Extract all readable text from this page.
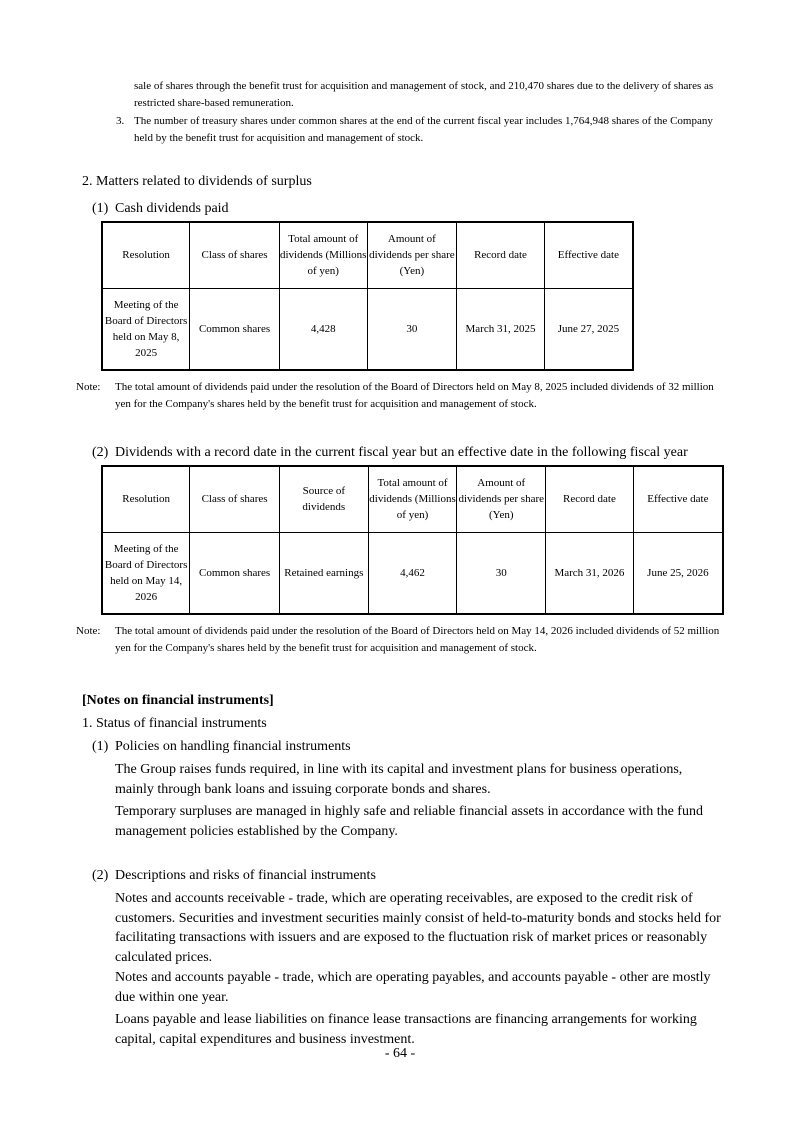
sale of shares through the benefit trust for acquisition and management of stock, and 210,470 shares due to the delivery of shares as restricted share-based remuneration.
3. The number of treasury shares under common shares at the end of the current fiscal year includes 1,764,948 shares of the Company held by the benefit trust for acquisition and management of stock.
2. Matters related to dividends of surplus
(1) Cash dividends paid
Resolution	Class of shares	Total amount of dividends (Millions of yen)	Amount of dividends per share (Yen)	Record date	Effective date
Meeting of the Board of Directors held on May 8, 2025	Common shares	4,428	30	March 31, 2025	June 27, 2025
Note: The total amount of dividends paid under the resolution of the Board of Directors held on May 8, 2025 included dividends of 32 million yen for the Company's shares held by the benefit trust for acquisition and management of stock.
(2) Dividends with a record date in the current fiscal year but an effective date in the following fiscal year
Resolution	Class of shares	Source of dividends	Total amount of dividends (Millions of yen)	Amount of dividends per share (Yen)	Record date	Effective date
Meeting of the Board of Directors held on May 14, 2026	Common shares	Retained earnings	4,462	30	March 31, 2026	June 25, 2026
Note: The total amount of dividends paid under the resolution of the Board of Directors held on May 14, 2026 included dividends of 52 million yen for the Company's shares held by the benefit trust for acquisition and management of stock.
[Notes on financial instruments]
1. Status of financial instruments
(1) Policies on handling financial instruments
The Group raises funds required, in line with its capital and investment plans for business operations, mainly through bank loans and issuing corporate bonds and shares.
Temporary surpluses are managed in highly safe and reliable financial assets in accordance with the fund management policies established by the Company.
(2) Descriptions and risks of financial instruments
Notes and accounts receivable - trade, which are operating receivables, are exposed to the credit risk of customers. Securities and investment securities mainly consist of held-to-maturity bonds and stocks held for facilitating transactions with issuers and are exposed to the fluctuation risk of market prices or reasonably calculated prices.
Notes and accounts payable - trade, which are operating payables, and accounts payable - other are mostly due within one year.
Loans payable and lease liabilities on finance lease transactions are financing arrangements for working capital, capital expenditures and business investment.
- 64 -
